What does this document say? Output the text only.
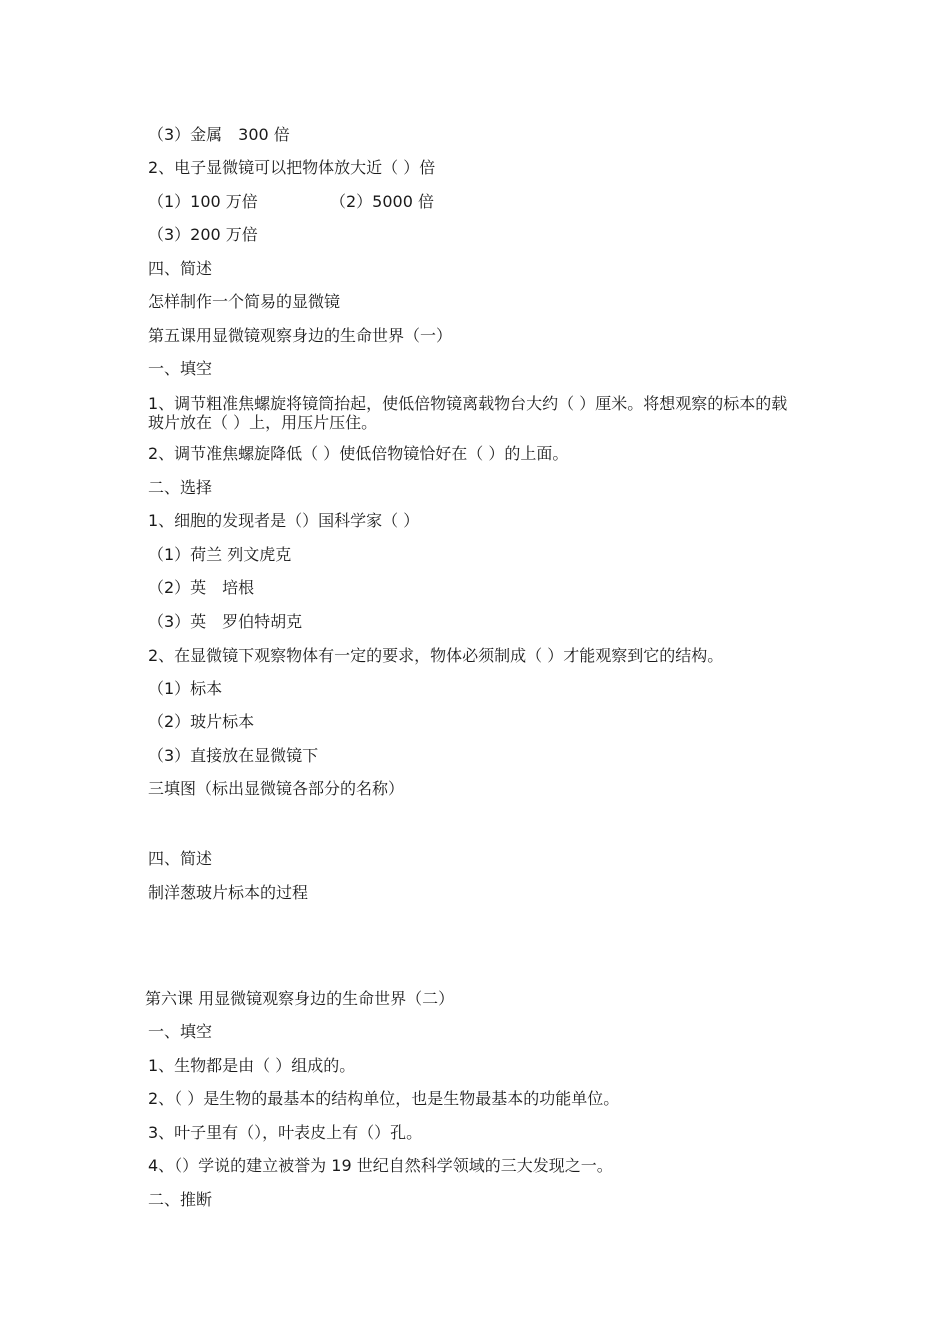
（3）金属　300 倍
2、电子显微镜可以把物体放大近（ ）倍
（1）100 万倍	（2）5000 倍
（3）200 万倍
四、简述
怎样制作一个简易的显微镜
第五课用显微镜观察身边的生命世界（一）
一、填空
1、调节粗准焦螺旋将镜筒抬起，使低倍物镜离载物台大约（ ）厘米。将想观察的标本的载玻片放在（ ）上，用压片压住。
2、调节准焦螺旋降低（ ）使低倍物镜恰好在（ ）的上面。
二、选择
1、细胞的发现者是（）国科学家（ ）
（1）荷兰 列文虎克
（2）英　培根
（3）英　罗伯特胡克
2、在显微镜下观察物体有一定的要求，物体必须制成（ ）才能观察到它的结构。
（1）标本
（2）玻片标本
（3）直接放在显微镜下
三填图（标出显微镜各部分的名称）
四、简述
制洋葱玻片标本的过程
第六课 用显微镜观察身边的生命世界（二）
一、填空
1、生物都是由（ ）组成的。
2、（ ）是生物的最基本的结构单位，也是生物最基本的功能单位。
3、叶子里有（），叶表皮上有（）孔。
4、（）学说的建立被誉为 19 世纪自然科学领域的三大发现之一。
二、推断
